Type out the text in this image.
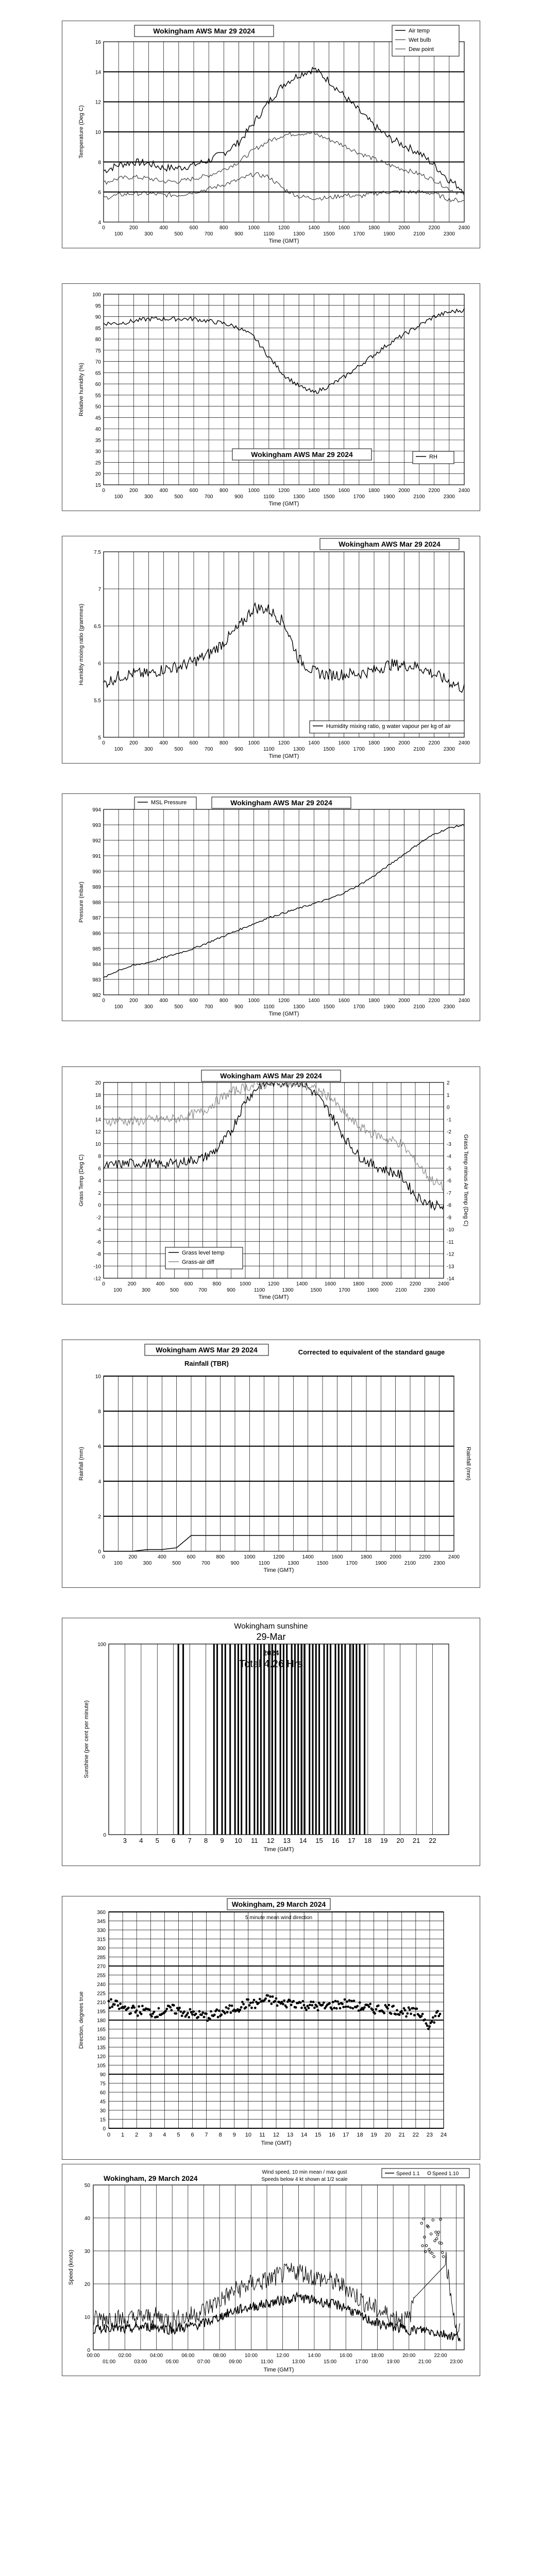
4
6
8
10
12
14
16
0
100
200
300
400
500
600
700
800
900
1000
1100
1200
1300
1400
1500
1600
1700
1800
1900
2000
2100
2200
2300
2400
Temperature (Deg C)
Time (GMT)
Wokingham AWS Mar 29 2024	Air temp
Wet bulb
Dew point
15
20
25
30
35
40
45
50
55
60
65
70
75
80
85
90
95
100
0
100
200
300
400
500
600
700
800
900
1000
1100
1200
1300
1400
1500
1600
1700
1800
1900
2000
2100
2200
2300
2400
Relative humidity (%)
Time (GMT)
Wokingham AWS Mar 29 2024	RH
5
5.5
6
6.5
7
7.5
0
100
200
300
400
500
600
700
800
900
1000
1100
1200
1300
1400
1500
1600
1700
1800
1900
2000
2100
2200
2300
2400
Humidity mixing ratio (grammes)
Time (GMT)
Wokingham AWS Mar 29 2024
Humidity mixing ratio, g water vapour per kg of air
982
983
984
985
986
987
988
989
990
991
992
993
994
0
100
200
300
400
500
600
700
800
900
1000
1100
1200
1300
1400
1500
1600
1700
1800
1900
2000
2100
2200
2300
2400
Pressure (mbar)
Time (GMT)
Wokingham AWS Mar 29 2024
MSL Pressure
-12
-10
-8
-6
-4
-2
0
2
4
6
8
10
12
14
16
18
20
0
100
200
300
400
500
600
700
800
900
1000
1100
1200
1300
1400
1500
1600
1700
1800
1900
2000
2100
2200
2300
2400
Grass Temp (Deg C)
Time (GMT)
-14
-13
-12
-11
-10
-9
-8
-7
-6
-5
-4
-3
-2
-1
0
1
2
Grass Temp minus Air Temp (Deg C)
Wokingham AWS Mar 29 2024
Grass level temp
Grass-air diff
0
2
4
6
8
10
0
100
200
300
400
500
600
700
800
900
1000
1100
1200
1300
1400
1500
1600
1700
1800
1900
2000
2100
2200
2300
2400
Rainfall (mm)
Time (GMT)
Rainfall (mm)
Wokingham AWS Mar 29 2024
Rainfall (TBR)
Corrected to equivalent of the standard gauge
3 4 5 6 7 8 9 10 11 12 13 14 15 16 17 18 19 20 21 22
0
100
Sunshine (per cent per minute)
Time (GMT)
Wokingham sunshine
29-Mar
2024
Total 4.26 Hrs
0
15
30
45
60
75
90
105
120
135
150
165
180
195
210
225
240
255
270
285
300
315
330
345
360
0 1 2 3 4 5 6 7 8 9 10 11 12 13 14 15 16 17 18 19 20 21 22 23 24
Direction, degrees true
Time (GMT)
Wokingham, 29 March 2024
5 minute mean wind direction
0
10
20
30
40
50
00:00	02:00	04:00	06:00	08:00	10:00	12:00	14:00	16:00	18:00	20:00	22:00
01:00	03:00	05:00	07:00	09:00	11:00	13:00	15:00	17:00	19:00	21:00	23:00
Speed (knots)
Time (GMT)
Wokingham, 29 March 2024
Wind speed, 10 min mean / max gust
Speeds below 4 kt shown at 1/2 scale
Speed 1.1 Speed 1.10
